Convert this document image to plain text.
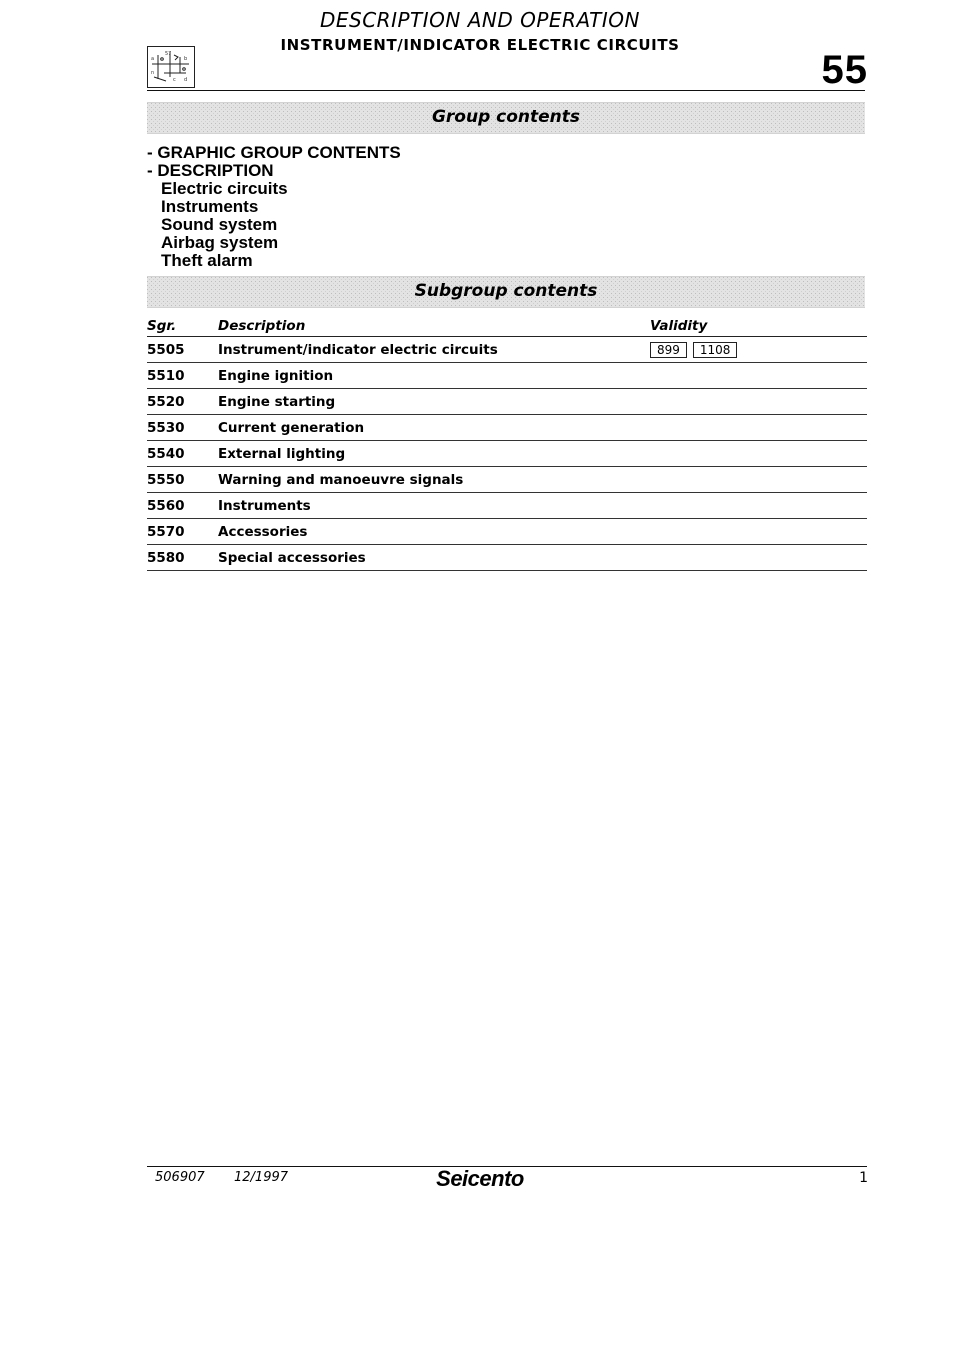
DESCRIPTION AND OPERATION
INSTRUMENT/INDICATOR ELECTRIC CIRCUITS
55
57
a	b
n
c d
Group contents
- GRAPHIC GROUP CONTENTS
- DESCRIPTION
Electric circuits
Instruments
Sound system
Airbag system
Theft alarm
Subgroup contents
Sgr.	Description	Validity
5505	Instrument/indicator electric circuits	899 1108
5510	Engine ignition	
5520	Engine starting	
5530	Current generation	
5540	External lighting	
5550	Warning and manoeuvre signals	
5560	Instruments	
5570	Accessories	
5580	Special accessories	
506907 12/1997	Seicento	1
